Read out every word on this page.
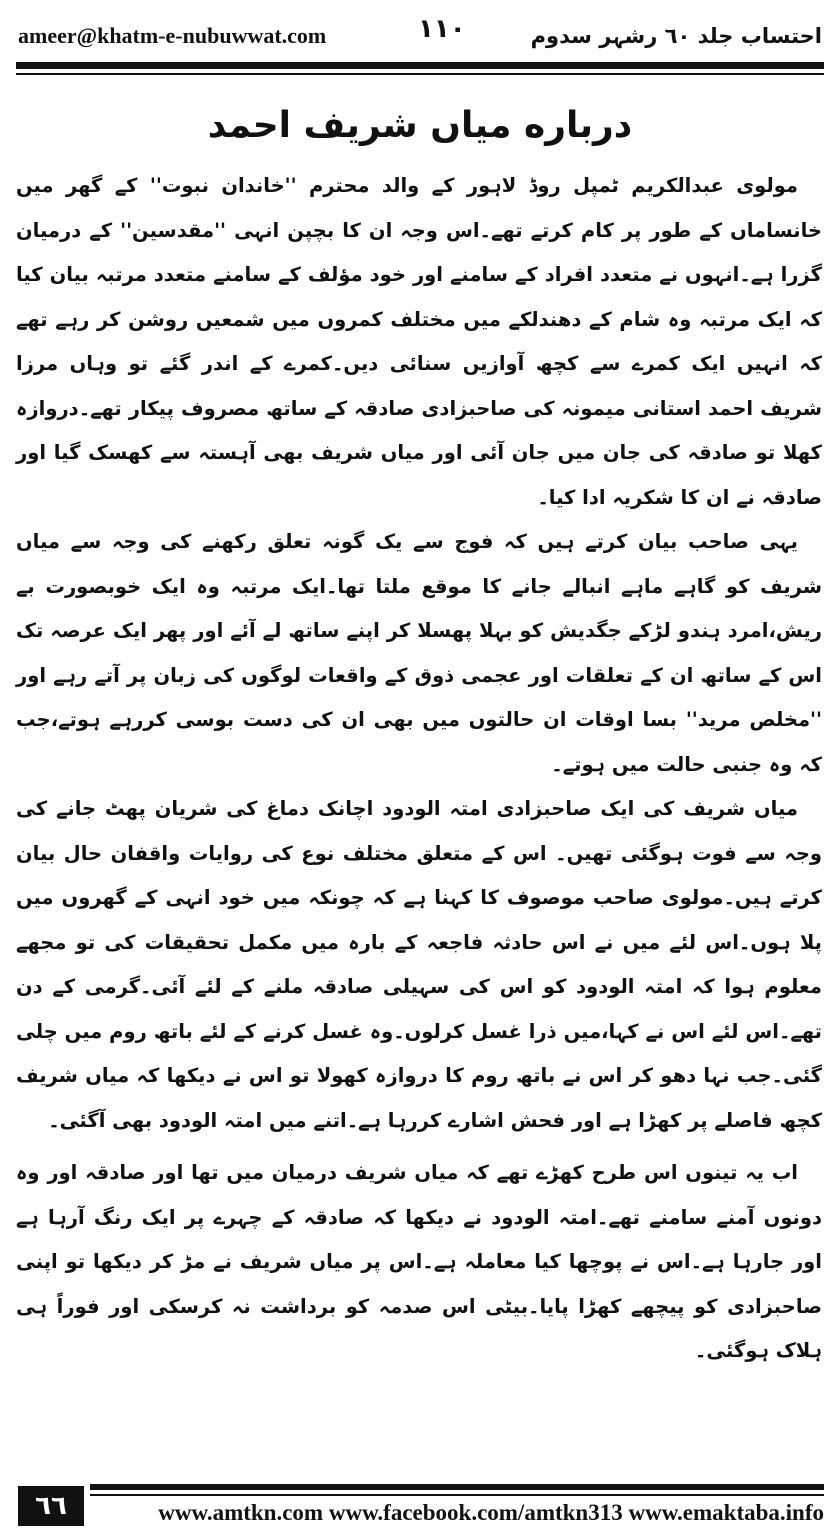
ameer@khatm-e-nubuwwat.com	۱۱۰	احتساب جلد ٦٠ رشہر سدوم
درباره میاں شریف احمد

مولوی عبدالکریم ٹمپل روڈ لاہور کے والد محترم ''خاندان نبوت'' کے گھر میں خانساماں کے طور پر کام کرتے تھے۔اس وجہ ان کا بچپن انہی ''مقدسین'' کے درمیان گزرا ہے۔انہوں نے متعدد افراد کے سامنے اور خود مؤلف کے سامنے متعدد مرتبہ بیان کیا کہ ایک مرتبہ وہ شام کے دھندلکے میں مختلف کمروں میں شمعیں روشن کر رہے تھے کہ انہیں ایک کمرے سے کچھ آوازیں سنائی دیں۔کمرے کے اندر گئے تو وہاں مرزا شریف احمد استانی میمونہ کی صاحبزادی صادقہ کے ساتھ مصروف پیکار تھے۔دروازہ کھلا تو صادقہ کی جان میں جان آئی اور میاں شریف بھی آہستہ سے کھسک گیا اور صادقہ نے ان کا شکریہ ادا کیا۔

یہی صاحب بیان کرتے ہیں کہ فوج سے یک گونہ تعلق رکھنے کی وجہ سے میاں شریف کو گاہے ماہے انبالے جانے کا موقع ملتا تھا۔ایک مرتبہ وہ ایک خوبصورت بے ریش،امرد ہندو لڑکے جگدیش کو بہلا پھسلا کر اپنے ساتھ لے آئے اور پھر ایک عرصہ تک اس کے ساتھ ان کے تعلقات اور عجمی ذوق کے واقعات لوگوں کی زبان پر آتے رہے اور ''مخلص مرید'' بسا اوقات ان حالتوں میں بھی ان کی دست بوسی کررہے ہوتے،جب کہ وہ جنبی حالت میں ہوتے۔

میاں شریف کی ایک صاحبزادی امتہ الودود اچانک دماغ کی شریان پھٹ جانے کی وجہ سے فوت ہوگئی تھیں۔ اس کے متعلق مختلف نوع کی روایات واقفان حال بیان کرتے ہیں۔مولوی صاحب موصوف کا کہنا ہے کہ چونکہ میں خود انہی کے گھروں میں پلا ہوں۔اس لئے میں نے اس حادثہ فاجعہ کے بارہ میں مکمل تحقیقات کی تو مجھے معلوم ہوا کہ امتہ الودود کو اس کی سہیلی صادقہ ملنے کے لئے آئی۔گرمی کے دن تھے۔اس لئے اس نے کہا،میں ذرا غسل کرلوں۔وہ غسل کرنے کے لئے باتھ روم میں چلی گئی۔جب نہا دھو کر اس نے باتھ روم کا دروازہ کھولا تو اس نے دیکھا کہ میاں شریف کچھ فاصلے پر کھڑا ہے اور فحش اشارے کررہا ہے۔اتنے میں امتہ الودود بھی آگئی۔

اب یہ تینوں اس طرح کھڑے تھے کہ میاں شریف درمیان میں تھا اور صادقہ اور وہ دونوں آمنے سامنے تھے۔امتہ الودود نے دیکھا کہ صادقہ کے چہرے پر ایک رنگ آرہا ہے اور جارہا ہے۔اس نے پوچھا کیا معاملہ ہے۔اس پر میاں شریف نے مڑ کر دیکھا تو اپنی صاحبزادی کو پیچھے کھڑا پایا۔بیٹی اس صدمہ کو برداشت نہ کرسکی اور فوراً ہی ہلاک ہوگئی۔

٦٦	www.amtkn.com www.facebook.com/amtkn313 www.emaktaba.info
